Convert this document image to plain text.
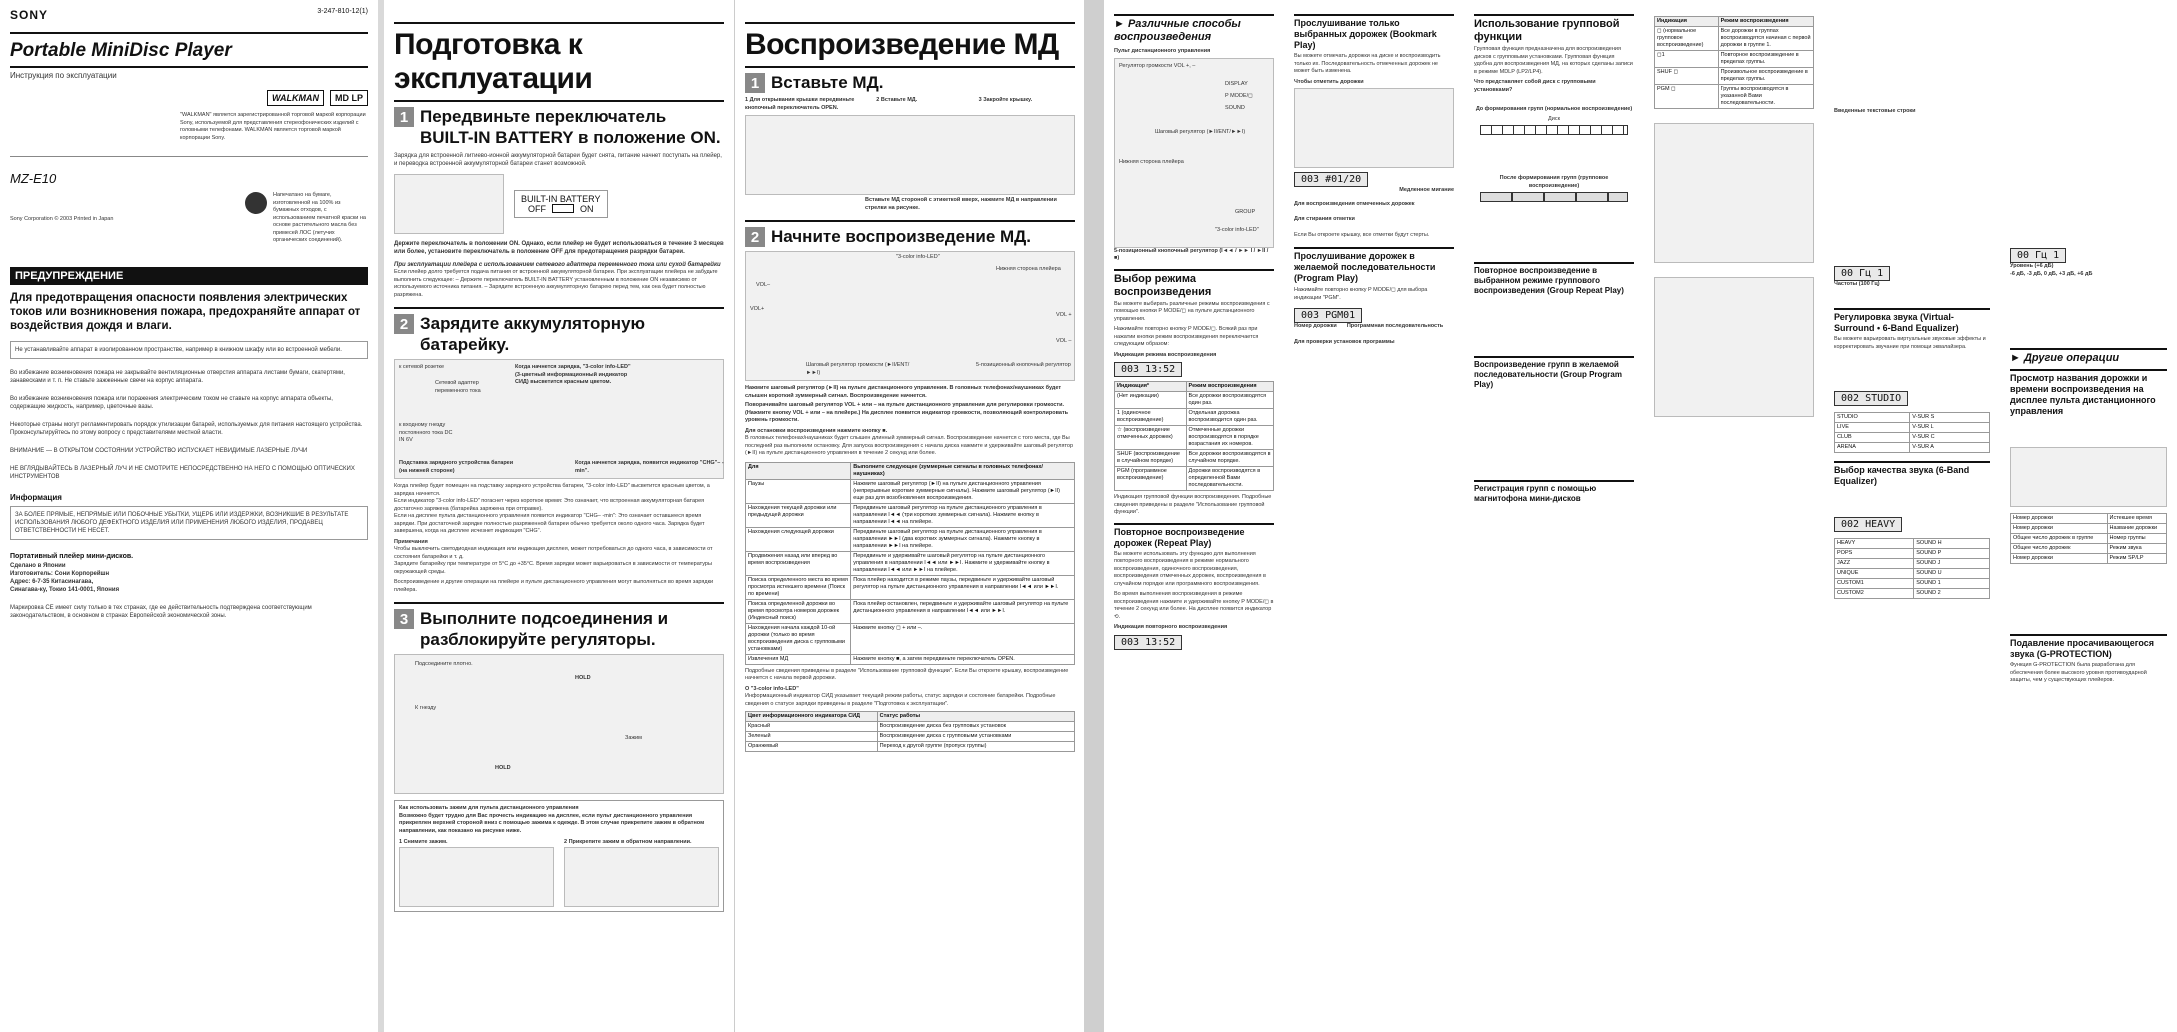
SONY	3-247-810-12(1)
Portable MiniDisc Player
Инструкция по эксплуатации
WALKMAN	MD LP
"WALKMAN" является зарегистрированной торговой маркой корпорации Sony, используемой для представления стереофонических изделий с головными телефонами. WALKMAN является торговой маркой корпорации Sony.
MZ-E10
Sony Corporation © 2003 Printed in Japan
Напечатано на бумаге, изготовленной на 100% из бумажных отходов, с использованием печатной краски на основе растительного масла без примесей ЛОС (летучих органических соединений).
ПРЕДУПРЕЖДЕНИЕ
Для предотвращения опасности появления электрических токов или возникновения пожара, предохраняйте аппарат от воздействия дождя и влаги.
Не устанавливайте аппарат в изолированном пространстве, например в книжном шкафу или во встроенной мебели.
Во избежание возникновения пожара не закрывайте вентиляционные отверстия аппарата листами бумаги, скатертями, занавесками и т. п. Не ставьте зажженные свечи на корпус аппарата.
Во избежание возникновения пожара или поражения электрическим током не ставьте на корпус аппарата объекты, содержащие жидкость, например, цветочные вазы.
Некоторые страны могут регламентировать порядок утилизации батарей, используемых для питания настоящего устройства. Проконсультируйтесь по этому вопросу с представителями местной власти.
ВНИМАНИЕ — В ОТКРЫТОМ СОСТОЯНИИ УСТРОЙСТВО ИСПУСКАЕТ НЕВИДИМЫЕ ЛАЗЕРНЫЕ ЛУЧИ
НЕ ВГЛЯДЫВАЙТЕСЬ В ЛАЗЕРНЫЙ ЛУЧ И НЕ СМОТРИТЕ НЕПОСРЕДСТВЕННО НА НЕГО С ПОМОЩЬЮ ОПТИЧЕСКИХ ИНСТРУМЕНТОВ
Информация
ЗА БОЛЕЕ ПРЯМЫЕ, НЕПРЯМЫЕ ИЛИ ПОБОЧНЫЕ УБЫТКИ, УЩЕРБ ИЛИ ИЗДЕРЖКИ, ВОЗНИКШИЕ В РЕЗУЛЬТАТЕ ИСПОЛЬЗОВАНИЯ ЛЮБОГО ДЕФЕКТНОГО ИЗДЕЛИЯ ИЛИ ПРИМЕНЕНИЯ ЛЮБОГО ИЗДЕЛИЯ, ПРОДАВЕЦ ОТВЕТСТВЕННОСТИ НЕ НЕСЕТ.
Портативный плейер мини-дисков.
Сделано в Японии
Изготовитель: Сони Корпорейшн
Адрес: 6-7-35 Китасинагава,
Синагава-ку, Токио 141-0001, Япония
Маркировка CE имеет силу только в тех странах, где ее действительность подтверждена соответствующим законодательством, в основном в странах Европейской экономической зоны.
Подготовка к эксплуатации
1 Передвиньте переключатель BUILT-IN BATTERY в положение ON.
Зарядка для встроенной литиево-ионной аккумуляторной батареи будет снята, питание начнет поступать на плейер, и переводка встроенной аккумуляторной батареи станет возможной.
BUILT-IN BATTERY
OFF	ON
Держите переключатель в положении ON. Однако, если плейер не будет использоваться в течение 3 месяцев или более, установите переключатель в положение OFF для предотвращения разрядки батареи.
При эксплуатации плейера с использованием сетевого адаптера переменного тока или сухой батарейки
Если плейер долго требуется подача питания от встроенной аккумуляторной батареи. При эксплуатации плейера не забудьте выполнить следующее: – Держите переключатель BUILT-IN BATTERY установленным в положение ON независимо от используемого источника питания. – Зарядите встроенную аккумуляторную батарею перед тем, как она будет полностью разряжена.
2 Зарядите аккумуляторную батарейку.
к сетевой розетке
Сетевой адаптер переменного тока
к входному гнезду постоянного тока DC IN 6V
Когда начнется зарядка, "3-color info-LED" (3-цветный информационный индикатор СИД) высветится красным цветом.
Подставка зарядного устройства батареи (на нижней стороне)
Когда начнется зарядка, появится индикатор "CHG"– -min".
Когда плейер будет помещен на подставку зарядного устройства батареи, "3-color info-LED" высветится красным цветом, а зарядка начнется.
Если индикатор "3-color info-LED" погаснет через короткое время: Это означает, что встроенная аккумуляторная батарея достаточно заряжена (батарейка заряжена при отправке).
Если на дисплее пульта дистанционного управления появится индикатор "CHG– -min": Это означает оставшееся время зарядки. При достаточной зарядке полностью разряженной батареи обычно требуется около одного часа. Зарядка будет завершена, когда на дисплее исчезнет индикация "CHG".
Примечания
Чтобы выключить светодиодная индикация или индикация дисплея, может потребоваться до одного часа, в зависимости от состояния батарейки и т. д.
Зарядите батарейку при температуре от 5°C до +35°C. Время зарядки может варьироваться в зависимости от температуры окружающей среды.
Воспроизведение и другие операции на плейере и пульте дистанционного управления могут выполняться во время зарядки плейера.
3 Выполните подсоединения и разблокируйте регуляторы.
Подсоедините плотно.
К гнезду
HOLD
Зажим
HOLD
Как использовать зажим для пульта дистанционного управления
Возможно будет трудно для Вас прочесть индикацию на дисплее, если пульт дистанционного управления прикреплен верхней стороной вниз с помощью зажима к одежде. В этом случае прикрепите зажим в обратном направлении, как показано на рисунке ниже.
1 Снимите зажим.	2 Прикрепите зажим в обратном направлении.
Воспроизведение МД
1 Вставьте МД.
1 Для открывания крышки передвиньте кнопочный переключатель OPEN.
2 Вставьте МД.	3 Закройте крышку.
Вставьте МД стороной с этикеткой вверх, нажмите МД в направлении стрелки на рисунке.
2 Начните воспроизведение МД.
"3-color info-LED"
Нижняя сторона плейера
VOL–
VOL+
Шаговый регулятор громкости (►II/ENT/►►I)
5-позиционный кнопочный регулятор
VOL +
VOL –
Нажмите шаговый регулятор (►II) на пульте дистанционного управления. В головных телефонах/наушниках будет слышен короткий зуммерный сигнал. Воспроизведение начнется.
Поворачивайте шаговый регулятор VOL + или – на пульте дистанционного управления для регулировки громкости. (Нажмите кнопку VOL + или – на плейере.) На дисплее появится индикатор громкости, позволяющий контролировать уровень громкости.
Для остановки воспроизведения нажмите кнопку ■.
В головных телефонах/наушниках будет слышен длинный зуммерный сигнал. Воспроизведение начнется с того места, где Вы последний раз выполнили остановку. Для запуска воспроизведения с начала диска нажмите и удерживайте шаговый регулятор (►II) на пульте дистанционного управления в течение 2 секунд или более.
Для	Выполните следующее (зуммерные сигналы в головных телефонах/наушниках)
Паузы	Нажмите шаговый регулятор (►II) на пульте дистанционного управления (непрерывные короткие зуммерные сигналы). Нажмите шаговый регулятор (►II) еще раз для возобновления воспроизведения.
Нахождения текущей дорожки или предыдущей дорожки	Передвиньте шаговый регулятор на пульте дистанционного управления в направлении I◄◄ (три коротких зуммерных сигнала). Нажмите кнопку в направлении I◄◄ на плейере.
Нахождения следующей дорожки	Передвиньте шаговый регулятор на пульте дистанционного управления в направлении ►►I (два коротких зуммерных сигнала). Нажмите кнопку в направлении ►►I на плейере.
Продвижения назад или вперед во время воспроизведения	Передвиньте и удерживайте шаговый регулятор на пульте дистанционного управления в направлении I◄◄ или ►►I. Нажмите и удерживайте кнопку в направлении I◄◄ или ►►I на плейере.
Поиска определенного места во время просмотра истекшего времени (Поиск по времени)	Пока плейер находится в режиме паузы, передвиньте и удерживайте шаговый регулятор на пульте дистанционного управления в направлении I◄◄ или ►►I.
Поиска определенной дорожки во время просмотра номеров дорожек (Индексный поиск)	Пока плейер остановлен, передвиньте и удерживайте шаговый регулятор на пульте дистанционного управления в направлении I◄◄ или ►►I.
Нахождения начала каждой 10-ой дорожки (только во время воспроизведения диска с групповыми установками)	Нажмите кнопку ◻ + или –.
Извлечения МД	Нажмите кнопку ■, а затем передвиньте переключатель OPEN.
Подробные сведения приведены в разделе "Использование групповой функции". Если Вы откроете крышку, воспроизведение начнется с начала первой дорожки.
О "3-color info-LED"
Информационный индикатор СИД указывает текущий режим работы, статус зарядки и состояние батарейки. Подробные сведения о статусе зарядки приведены в разделе "Подготовка к эксплуатации".
Цвет информационного индикатора СИД	Статус работы
Красный	Воспроизведение диска без групповых установок
Зеленый	Воспроизведение диска с групповыми установками
Оранжевый	Переход к другой группе (пропуск группы)
► Различные способы воспроизведения
Пульт дистанционного управления
Регулятор громкости VOL +, –
DISPLAY
P MODE/◻
SOUND
Шаговый регулятор (►II/ENT/►►I)
Нижняя сторона плейера
GROUP
"3-color info-LED"
5-позиционный кнопочный регулятор (I◄◄ / ►► I / ►II / ■)
Выбор режима воспроизведения
Вы можете выбирать различные режимы воспроизведения с помощью кнопки P MODE/◻ на пульте дистанционного управления.
Нажимайте повторно кнопку P MODE/◻. Всякий раз при нажатии кнопки режим воспроизведения переключается следующим образом:
Индикация режима воспроизведения
003 13:52
Индикация*	Режим воспроизведения
(Нет индикации)	Все дорожки воспроизводятся один раз.
1 (одиночное воспроизведение)	Отдельная дорожка воспроизводится один раз.
☆ (воспроизведение отмеченных дорожек)	Отмеченные дорожки воспроизводятся в порядке возрастания их номеров.
SHUF (воспроизведение в случайном порядке)	Все дорожки воспроизводятся в случайном порядке.
PGM (программное воспроизведение)	Дорожки воспроизводятся в определенной Вами последовательности.
Индикация групповой функции воспроизведения. Подробные сведения приведены в разделе "Использование групповой функции".
Повторное воспроизведение дорожек (Repeat Play)
Вы можете использовать эту функцию для выполнения повторного воспроизведения в режиме нормального воспроизведения, одиночного воспроизведения, воспроизведения отмеченных дорожек, воспроизведения в случайном порядке или программного воспроизведения.
Во время выполнения воспроизведения в режиме воспроизведения нажмите и удерживайте кнопку P MODE/◻ в течение 2 секунд или более. На дисплее появится индикатор ⟲.
Индикация повторного воспроизведения
003 13:52
Прослушивание только выбранных дорожек (Bookmark Play)
Вы можете отмечать дорожки на диске и воспроизводить только их. Последовательность отмеченных дорожек не может быть изменена.
Чтобы отметить дорожки
003 #01/20
Медленное мигание
Для воспроизведения отмеченных дорожек
Для стирания отметки
Если Вы откроете крышку, все отметки будут стерты.
Прослушивание дорожек в желаемой последовательности (Program Play)
Нажимайте повторно кнопку P MODE/◻ для выбора индикации "PGM".
003 PGM01
Номер дорожки Программная последовательность
Для проверки установок программы
Использование групповой функции
Групповая функция предназначена для воспроизведения дисков с групповыми установками. Групповая функция удобна для воспроизведения МД, на которых сделаны записи в режиме MDLP (LP2/LP4).
Что представляет собой диск с групповыми установками?
До формирования групп (нормальное воспроизведение)
Диск
После формирования групп (групповое воспроизведение)
Повторное воспроизведение в выбранном режиме группового воспроизведения (Group Repeat Play)
Воспроизведение групп в желаемой последовательности (Group Program Play)
Регистрация групп с помощью магнитофона мини-дисков
Индикация	Режим воспроизведения
◻ (нормальное групповое воспроизведение)	Все дорожки в группах воспроизводятся начиная с первой дорожки в группе 1.
◻1	Повторное воспроизведение в пределах группы.
SHUF ◻	Произвольное воспроизведение в пределах группы.
PGM ◻	Группы воспроизводятся в указанной Вами последовательности.
Введенные текстовые строки
00 Гц 1
Частоты (100 Гц)
Регулировка звука (Virtual-Surround • 6-Band Equalizer)
Вы можете варьировать виртуальные звуковые эффекты и корректировать звучание при помощи эквалайзера.
002 STUDIO
STUDIO	V-SUR S
LIVE	V-SUR L
CLUB	V-SUR C
ARENA	V-SUR A
Выбор качества звука (6-Band Equalizer)
002 HEAVY
HEAVY	SOUND H
POPS	SOUND P
JAZZ	SOUND J
UNIQUE	SOUND U
CUSTOM1	SOUND 1
CUSTOM2	SOUND 2
00 Гц 1
Уровень (+6 дБ)
-6 дБ, -3 дБ, 0 дБ, +3 дБ, +6 дБ
► Другие операции
Просмотр названия дорожки и времени воспроизведения на дисплее пульта дистанционного управления
Номер дорожки	Истекшее время
Номер дорожки	Название дорожки
Общее число дорожек в группе	Номер группы
Общее число дорожек	Режим звука
Номер дорожки	Режим SP/LP
Подавление просачивающегося звука (G-PROTECTION)
Функция G-PROTECTION была разработана для обеспечения более высокого уровня противоударной защиты, чем у существующих плейеров.
